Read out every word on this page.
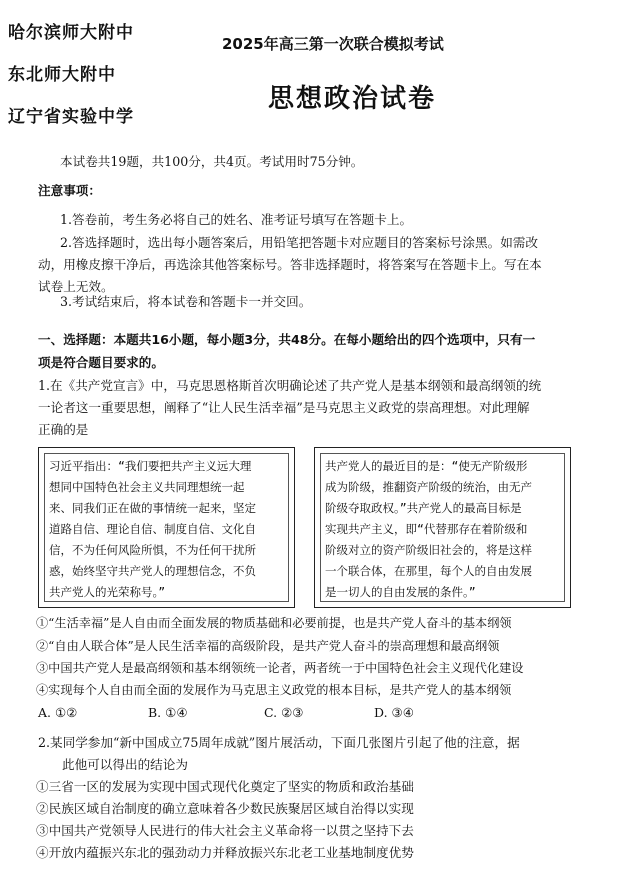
哈尔滨师大附中
东北师大附中
辽宁省实验中学
2025年高三第一次联合模拟考试
思想政治试卷
本试卷共19题，共100分，共4页。考试用时75分钟。
注意事项：
1.答卷前，考生务必将自己的姓名、准考证号填写在答题卡上。
2.答选择题时，选出每小题答案后，用铅笔把答题卡对应题目的答案标号涂黑。如需改
动，用橡皮擦干净后，再选涂其他答案标号。答非选择题时，将答案写在答题卡上。写在本
试卷上无效。
3.考试结束后，将本试卷和答题卡一并交回。
一、选择题：本题共16小题，每小题3分，共48分。在每小题给出的四个选项中，只有一
项是符合题目要求的。
1.在《共产党宣言》中，马克思恩格斯首次明确论述了共产党人是基本纲领和最高纲领的统
一论者这一重要思想，阐释了“让人民生活幸福”是马克思主义政党的崇高理想。对此理解
正确的是
习近平指出：“我们要把共产主义远大理
想同中国特色社会主义共同理想统一起
来、同我们正在做的事情统一起来，坚定
道路自信、理论自信、制度自信、文化自
信，不为任何风险所惧，不为任何干扰所
惑，始终坚守共产党人的理想信念，不负
共产党人的光荣称号。”
共产党人的最近目的是：“使无产阶级形
成为阶级，推翻资产阶级的统治，由无产
阶级夺取政权。”共产党人的最高目标是
实现共产主义，即“代替那存在着阶级和
阶级对立的资产阶级旧社会的，将是这样
一个联合体，在那里，每个人的自由发展
是一切人的自由发展的条件。”
①“生活幸福”是人自由而全面发展的物质基础和必要前提，也是共产党人奋斗的基本纲领
②“自由人联合体”是人民生活幸福的高级阶段，是共产党人奋斗的崇高理想和最高纲领
③中国共产党人是最高纲领和基本纲领统一论者，两者统一于中国特色社会主义现代化建设
④实现每个人自由而全面的发展作为马克思主义政党的根本目标，是共产党人的基本纲领
A. ①②	B. ①④	C. ②③	D. ③④
2.某同学参加“新中国成立75周年成就”图片展活动，下面几张图片引起了他的注意，据
此他可以得出的结论为
①三省一区的发展为实现中国式现代化奠定了坚实的物质和政治基础
②民族区域自治制度的确立意味着各少数民族聚居区域自治得以实现
③中国共产党领导人民进行的伟大社会主义革命将一以贯之坚持下去
④开放内蕴振兴东北的强劲动力并释放振兴东北老工业基地制度优势
